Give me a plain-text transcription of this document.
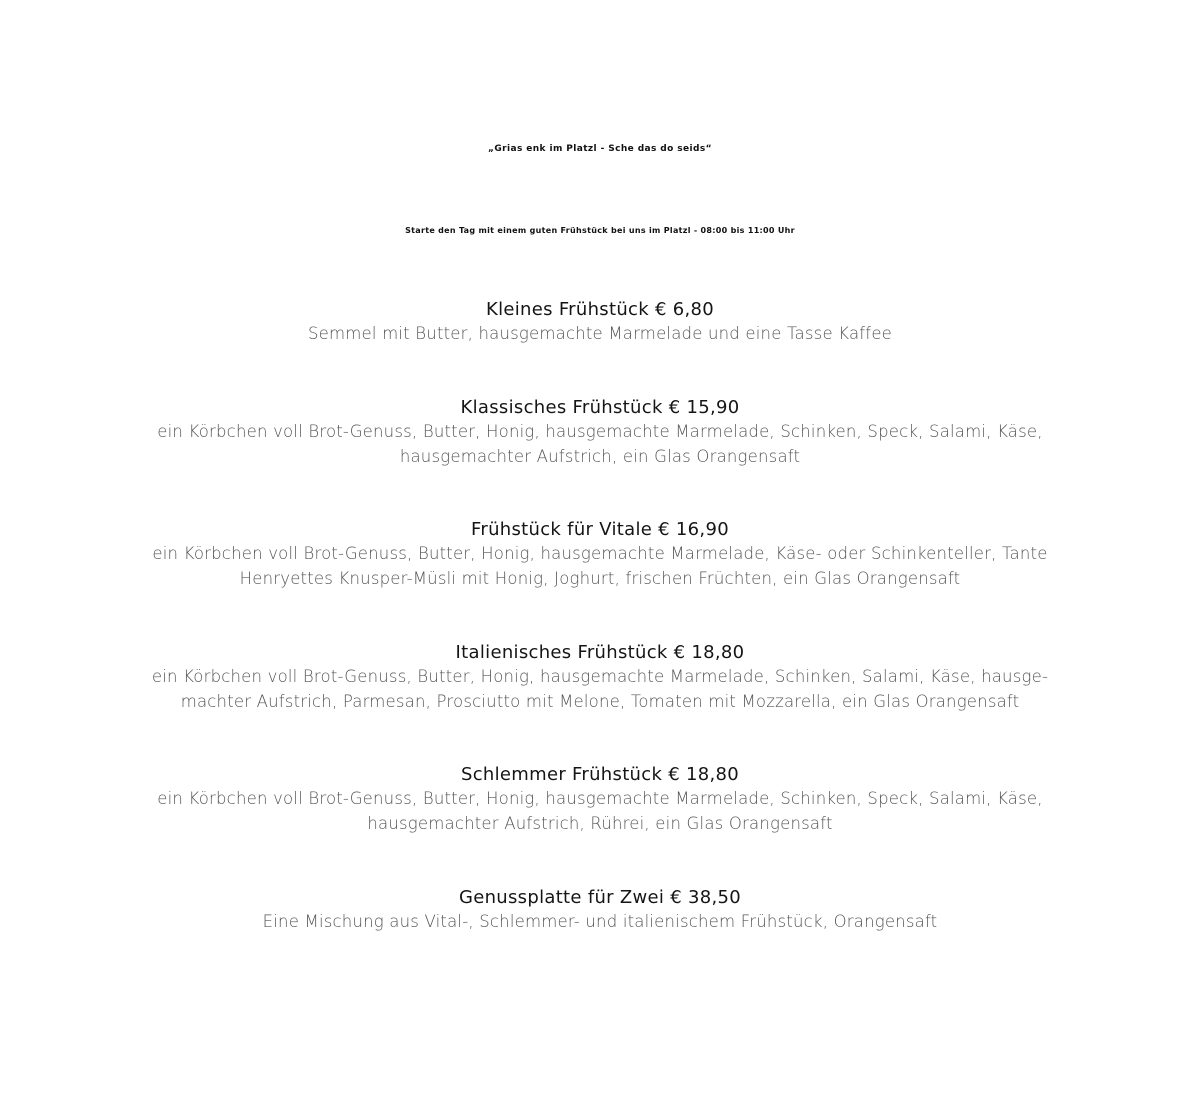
„Grias enk im Platzl - Sche das do seids“
Starte den Tag mit einem guten Frühstück bei uns im Platzl - 08:00 bis 11:00 Uhr
Kleines Frühstück € 6,80
Semmel mit Butter, hausgemachte Marmelade und eine Tasse Kaffee
Klassisches Frühstück € 15,90
ein Körbchen voll Brot-Genuss, Butter, Honig, hausgemachte Marmelade, Schinken, Speck, Salami, Käse,
hausgemachter Aufstrich, ein Glas Orangensaft
Frühstück für Vitale € 16,90
ein Körbchen voll Brot-Genuss, Butter, Honig, hausgemachte Marmelade, Käse- oder Schinkenteller, Tante
Henryettes Knusper-Müsli mit Honig, Joghurt, frischen Früchten, ein Glas Orangensaft
Italienisches Frühstück € 18,80
ein Körbchen voll Brot-Genuss, Butter, Honig, hausgemachte Marmelade, Schinken, Salami, Käse, hausge-
machter Aufstrich, Parmesan, Prosciutto mit Melone, Tomaten mit Mozzarella, ein Glas Orangensaft
Schlemmer Frühstück € 18,80
ein Körbchen voll Brot-Genuss, Butter, Honig, hausgemachte Marmelade, Schinken, Speck, Salami, Käse,
hausgemachter Aufstrich, Rührei, ein Glas Orangensaft
Genussplatte für Zwei € 38,50
Eine Mischung aus Vital-, Schlemmer- und italienischem Frühstück, Orangensaft
